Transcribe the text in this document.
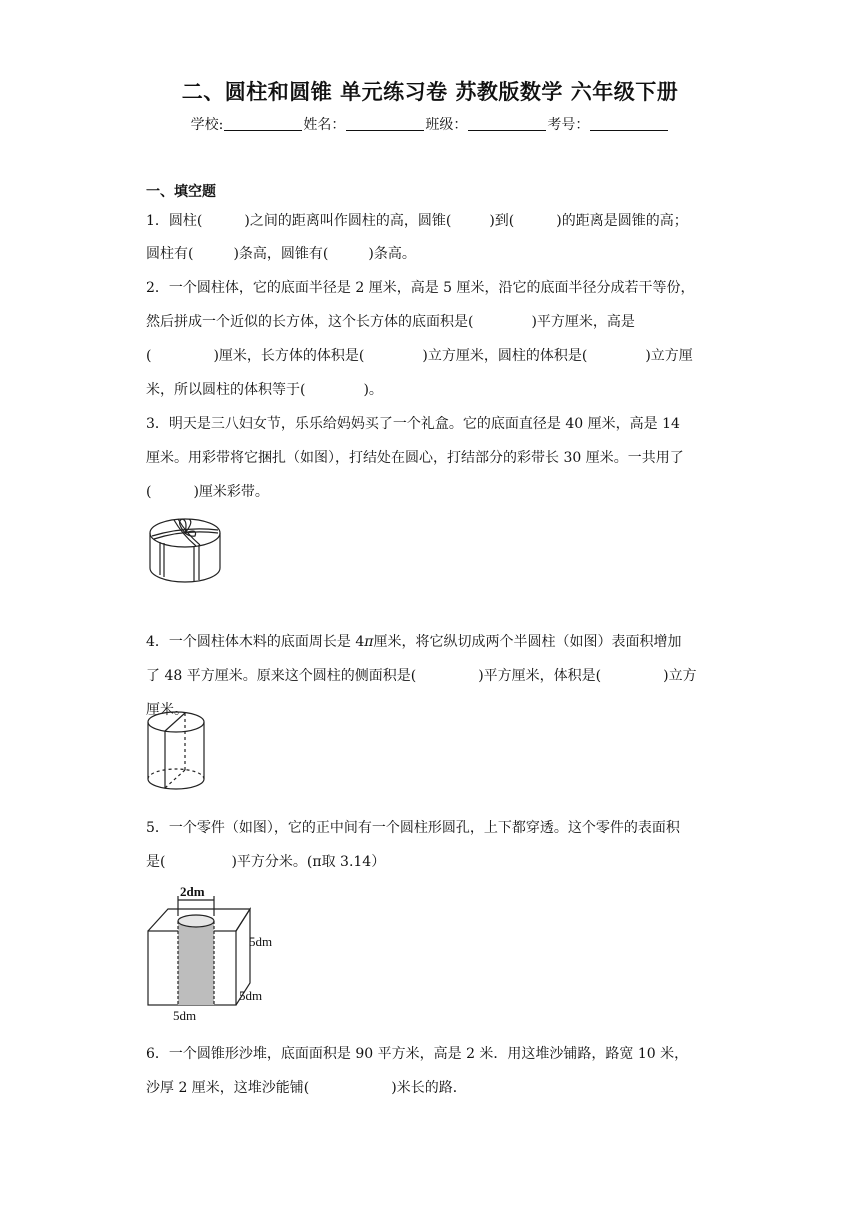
二、圆柱和圆锥 单元练习卷 苏教版数学 六年级下册
学校:	姓名：	班级：	考号：
一、填空题
1．圆柱(	)之间的距离叫作圆柱的高，圆锥(	)到(	)的距离是圆锥的高；
圆柱有(	)条高，圆锥有(	)条高。
2．一个圆柱体，它的底面半径是 2 厘米，高是 5 厘米，沿它的底面半径分成若干等份，
然后拼成一个近似的长方体，这个长方体的底面积是(	)平方厘米，高是
(	)厘米，长方体的体积是(	)立方厘米，圆柱的体积是(	)立方厘
米，所以圆柱的体积等于(	)。
3．明天是三八妇女节，乐乐给妈妈买了一个礼盒。它的底面直径是 40 厘米，高是 14
厘米。用彩带将它捆扎（如图），打结处在圆心，打结部分的彩带长 30 厘米。一共用了
(	)厘米彩带。
4．一个圆柱体木料的底面周长是 4π厘米，将它纵切成两个半圆柱（如图）表面积增加
了 48 平方厘米。原来这个圆柱的侧面积是(	)平方厘米，体积是(	)立方
厘米。
5．一个零件（如图），它的正中间有一个圆柱形圆孔，上下都穿透。这个零件的表面积
是(	)平方分米。(π取 3.14）
2dm
5dm
5dm
5dm
6．一个圆锥形沙堆，底面面积是 90 平方米，高是 2 米．用这堆沙铺路，路宽 10 米，
沙厚 2 厘米，这堆沙能铺(	)米长的路．
